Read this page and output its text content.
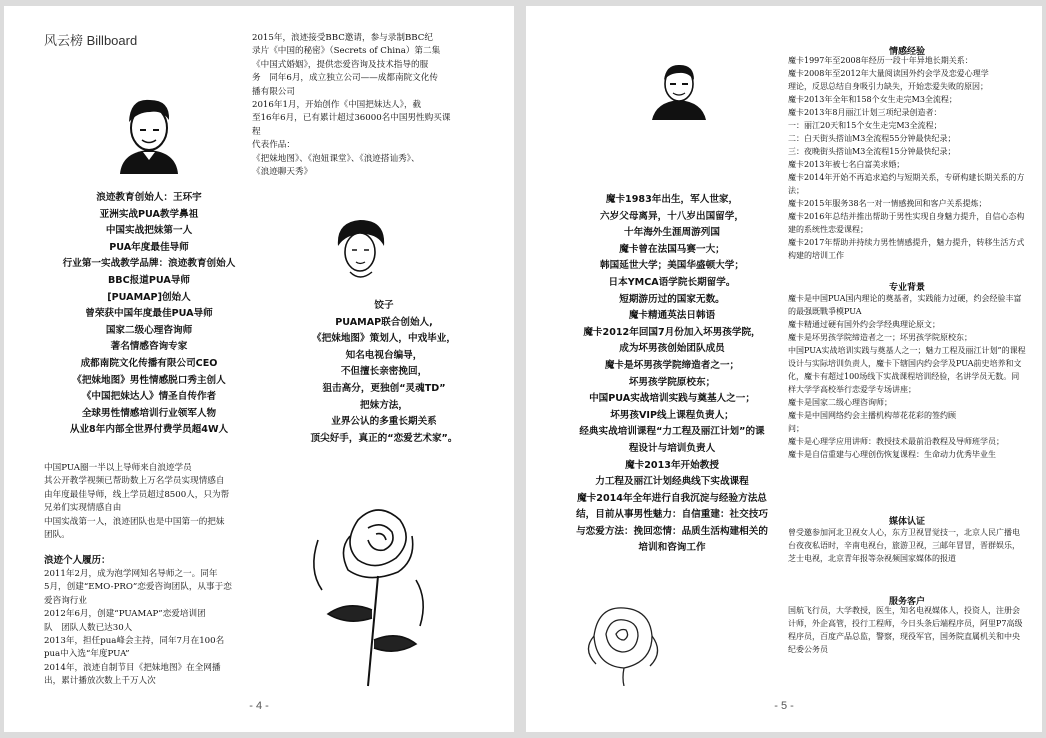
风云榜 Billboard	2015年，浪迹接受BBC邀请，参与录制BBC纪
录片《中国的秘密》（Secrets of China）第二集
《中国式婚姻》，提供恋爱咨询及技术指导的服
务　同年6月，成立独立公司——成都南院文化传
播有限公司
2016年1月，开始创作《中国把妹达人》，截
至16年6月，已有累计超过36000名中国男性购买课
程
代表作品：
《把妹地图》、《泡妞课堂》、《浪迹搭讪秀》、
《浪迹聊天秀》
浪迹教育创始人：王环宇
亚洲实战PUA教学鼻祖
中国实战把妹第一人
PUA年度最佳导师
行业第一实战教学品牌：浪迹教育创始人
BBC报道PUA导师
[PUAMAP]创始人
曾荣获中国年度最佳PUA导师
国家二级心理咨询师
著名情感咨询专家
成都南院文化传播有限公司CEO
《把妹地图》男性情感脱口秀主创人
《中国把妹达人》情圣自传作者
全球男性情感培训行业领军人物
从业8年内部全世界付费学员超4W人
饺子
PUAMAP联合创始人,
《把妹地图》策划人，中戏毕业，
知名电视台编导，
不但擅长亲密挽回，
狙击高分，更独创“灵魂TD”
把妹方法，
业界公认的多重长期关系
顶尖好手，真正的“恋爱艺术家”。
中国PUA圈一半以上导师来自浪迹学员
其公开教学视频已帮助数上万名学员实现情感自
由年度最佳导师，线上学员超过8500人，只为帮
兄弟们实现情感自由
中国实战第一人，浪迹团队也是中国第一的把妹
团队。
浪迹个人履历：
2011年2月，成为泡学网知名导师之一。同年
5月，创建“EMO-PRO”恋爱咨询团队，从事于恋
爱咨询行业
2012年6月，创建“PUAMAP”恋爱培训团
队　团队人数已达30人
2013年，担任pua峰会主持，同年7月在100名
pua中入选“年度PUA”
2014年，浪迹自制节目《把妹地图》在全网播
出，累计播放次数上千万人次
- 4 -
魔卡1983年出生，军人世家，
六岁父母离异，十八岁出国留学，
十年海外生涯周游列国
魔卡曾在法国马赛一大；
韩国延世大学；美国华盛顿大学；
日本YMCA语学院长期留学。
短期游历过的国家无数。
魔卡精通英法日韩语
魔卡2012年回国7月份加入坏男孩学院，
成为坏男孩创始团队成员
魔卡是坏男孩学院缔造者之一；
坏男孩学院原校东；
中国PUA实战培训实践与奠基人之一；
坏男孩VIP线上课程负责人；
经典实战培训课程“力工程及丽江计划”的课
程设计与培训负责人
魔卡2013年开始教授
力工程及丽江计划经典线下实战课程
魔卡2014年全年进行自我沉淀与经验方法总
结，目前从事男性魅力：自信重建：社交技巧
与恋爱方法：挽回恋情：品质生活构建相关的
培训和咨询工作
情感经验
魔卡1997年至2008年经历一段十年异地长期关系：
魔卡2008年至2012年大量阅读国外约会学及恋爱心理学
理论，反思总结自身吸引力缺失，开始恋爱失败的原因；
魔卡2013年全年和158个女生走完M3全流程；
魔卡2013年8月丽江计划三项纪录创造者：
一：丽江20天和15个女生走完M3全流程；
二：白天街头搭讪M3全流程55分钟最快纪录；
三：夜晚街头搭讪M3全流程15分钟最快纪录；
魔卡2013年被七名白富美求婚；
魔卡2014年开始不再追求追约与短期关系，专研构建长期关系的方法；
魔卡2015年服务38名一对一情感挽回和客户关系提炼；
魔卡2016年总结并推出帮助于男性实现自身魅力提升，自信心态构建的系统性恋爱课程；
魔卡2017年帮助并持续力男性情感提升，魅力提升，转移生活方式构建的培训工作
专业背景
魔卡是中国PUA国内理论的奠基者，实践能力过硬，约会经验丰富的最强既戰爭模PUA
魔卡精通过硬有国外约会学经典理论原文；
魔卡是坏男孩学院缔造者之一；坏男孩学院原校东；
中国PUA实战培训实践与奠基人之一；魅力工程及丽江计划”的课程设计与实际培训负责人，魔卡下辖国内约会学及PUA前史培养和文化，魔卡有超过100场线下实战课程培训经验，名讲学员无数。同样大学学高校举行恋爱学专场讲座；
魔卡是国家二级心理咨询师；
魔卡是中国网络约会主播机构蒂花花彩的签约顾
问；
魔卡是心理学应用讲师：教授技术最前沿教程及导师班学员；
魔卡是自信重建与心理创伤恢复课程：生命动力优秀毕业生
媒体认证
曾受邀参加河北卫视女人心，东方卫视冒觉技一，北京人民广播电台夜夜私语时，辛南电视台，旅游卫视，三邮年冒冒，晋群娱乐，芝士电视，北京青年报等杂视频国家媒体的报道
服务客户
国航飞行员，大学教授，医生，知名电视媒体人，投资人，注册会计师，外企高管，投行工程师，今日头条后端程序员，阿里P7高级程序员，百度产品总监，警察，现役军官，国务院直属机关和中央纪委公务员
- 5 -
